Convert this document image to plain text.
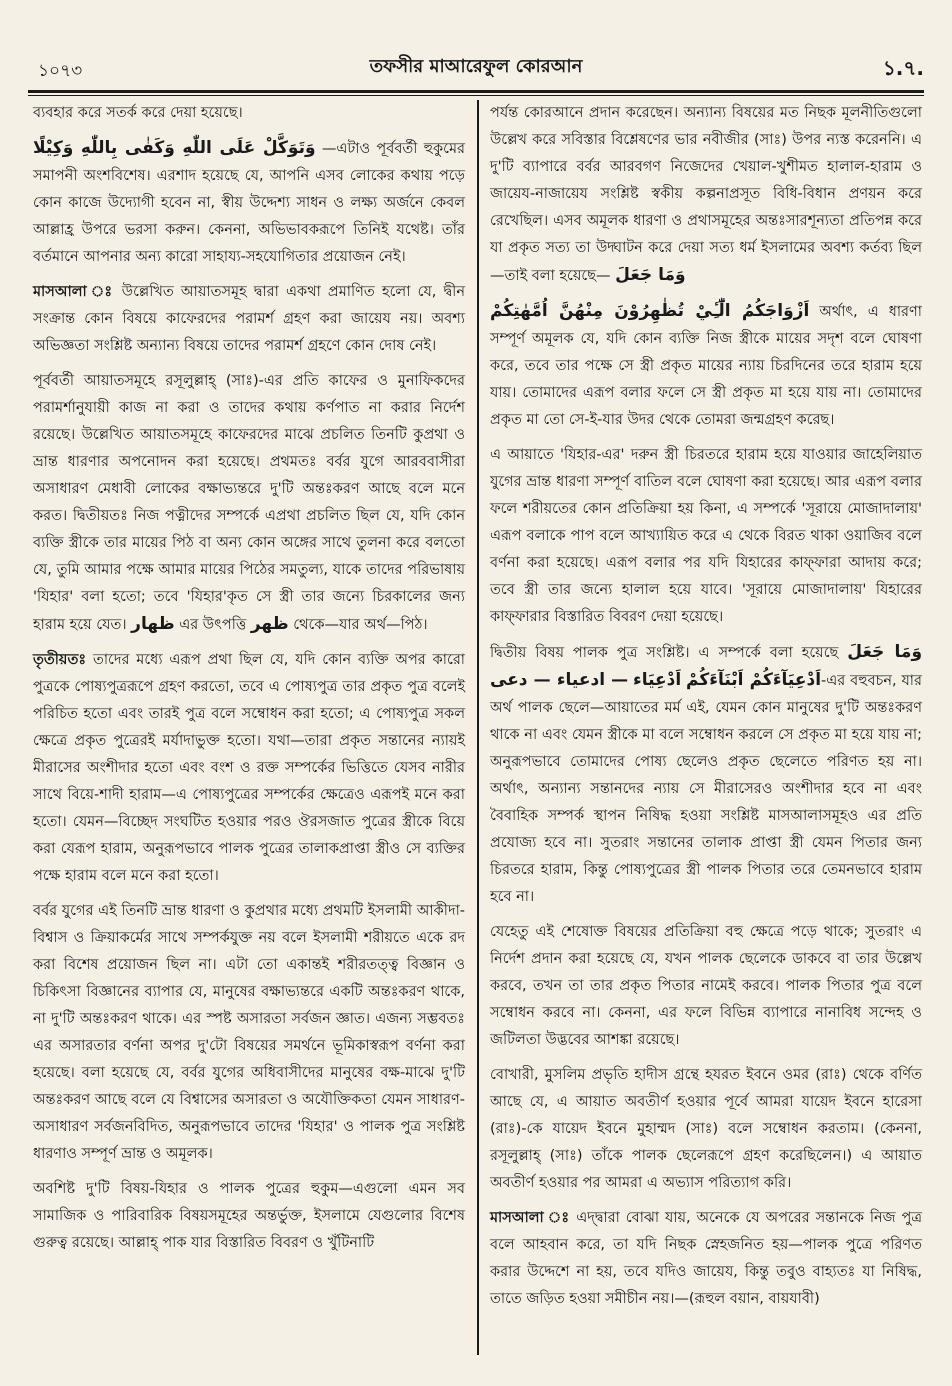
১০৭৩	তফসীর মাআরেফুল কোরআন	১.৭.

ব্যবহার করে সতর্ক করে দেয়া হয়েছে।

وَتَوَكَّلْ عَلَى اللّٰهِ وَكَفٰى بِاللّٰهِ وَكِيْلًا —এটাও পূর্ববর্তী হুকুমের সমাপনী অংশবিশেষ। এরশাদ হয়েছে যে, আপনি এসব লোকের কথায় পড়ে কোন কাজে উদ্যোগী হবেন না, স্বীয় উদ্দেশ্য সাধন ও লক্ষ্য অর্জনে কেবল আল্লাহ্র উপরে ভরসা করুন। কেননা, অভিভাবকরূপে তিনিই যথেষ্ট। তাঁর বর্তমানে আপনার অন্য কারো সাহায্য-সহযোগিতার প্রয়োজন নেই।

মাসআলা ঃ উল্লেখিত আয়াতসমূহ দ্বারা একথা প্রমাণিত হলো যে, দ্বীন সংক্রান্ত কোন বিষয়ে কাফেরদের পরামর্শ গ্রহণ করা জায়েয নয়। অবশ্য অভিজ্ঞতা সংশ্লিষ্ট অন্যান্য বিষয়ে তাদের পরামর্শ গ্রহণে কোন দোষ নেই।

পূর্ববর্তী আয়াতসমূহে রসূলুল্লাহ্ (সাঃ)-এর প্রতি কাফের ও মুনাফিকদের পরামর্শানুযায়ী কাজ না করা ও তাদের কথায় কর্ণপাত না করার নির্দেশ রয়েছে। উল্লেখিত আয়াতসমূহে কাফেরদের মাঝে প্রচলিত তিনটি কুপ্রথা ও ভ্রান্ত ধারণার অপনোদন করা হয়েছে। প্রথমতঃ বর্বর যুগে আরববাসীরা অসাধারণ মেধাবী লোকের বক্ষাভ্যন্তরে দু'টি অন্তঃকরণ আছে বলে মনে করত। দ্বিতীয়তঃ নিজ পত্নীদের সম্পর্কে এপ্রথা প্রচলিত ছিল যে, যদি কোন ব্যক্তি স্ত্রীকে তার মায়ের পিঠ বা অন্য কোন অঙ্গের সাথে তুলনা করে বলতো যে, তুমি আমার পক্ষে আমার মায়ের পিঠের সমতুল্য, যাকে তাদের পরিভাষায় 'যিহার' বলা হতো; তবে 'যিহার'কৃত সে স্ত্রী তার জন্যে চিরকালের জন্য হারাম হয়ে যেত। ظهار এর উৎপত্তি ظهر থেকে—যার অর্থ—পিঠ।

তৃতীয়তঃ তাদের মধ্যে এরূপ প্রথা ছিল যে, যদি কোন ব্যক্তি অপর কারো পুত্রকে পোষ্যপুত্ররূপে গ্রহণ করতো, তবে এ পোষ্যপুত্র তার প্রকৃত পুত্র বলেই পরিচিত হতো এবং তারই পুত্র বলে সম্বোধন করা হতো; এ পোষ্যপুত্র সকল ক্ষেত্রে প্রকৃত পুত্রেরই মর্যাদাভুক্ত হতো। যথা—তারা প্রকৃত সন্তানের ন্যায়ই মীরাসের অংশীদার হতো এবং বংশ ও রক্ত সম্পর্কের ভিত্তিতে যেসব নারীর সাথে বিয়ে-শাদী হারাম—এ পোষ্যপুত্রের সম্পর্কের ক্ষেত্রেও এরূপই মনে করা হতো। যেমন—বিচ্ছেদ সংঘটিত হওয়ার পরও ঔরসজাত পুত্রের স্ত্রীকে বিয়ে করা যেরূপ হারাম, অনুরূপভাবে পালক পুত্রের তালাকপ্রাপ্তা স্ত্রীও সে ব্যক্তির পক্ষে হারাম বলে মনে করা হতো।

বর্বর যুগের এই তিনটি ভ্রান্ত ধারণা ও কুপ্রথার মধ্যে প্রথমটি ইসলামী আকীদা-বিশ্বাস ও ক্রিয়াকর্মের সাথে সম্পর্কযুক্ত নয় বলে ইসলামী শরীয়তে একে রদ করা বিশেষ প্রয়োজন ছিল না। এটা তো একান্তই শরীরতত্ত্ব বিজ্ঞান ও চিকিৎসা বিজ্ঞানের ব্যাপার যে, মানুষের বক্ষাভ্যন্তরে একটি অন্তঃকরণ থাকে, না দু'টি অন্তঃকরণ থাকে। এর স্পষ্ট অসারতা সর্বজন জ্ঞাত। এজন্য সম্ভবতঃ এর অসারতার বর্ণনা অপর দু'টো বিষয়ের সমর্থনে ভূমিকাস্বরূপ বর্ণনা করা হয়েছে। বলা হয়েছে যে, বর্বর যুগের অধিবাসীদের মানুষের বক্ষ-মাঝে দু'টি অন্তঃকরণ আছে বলে যে বিশ্বাসের অসারতা ও অযৌক্তিকতা যেমন সাধারণ-অসাধারণ সর্বজনবিদিত, অনুরূপভাবে তাদের 'যিহার' ও পালক পুত্র সংশ্লিষ্ট ধারণাও সম্পূর্ণ ভ্রান্ত ও অমূলক।

অবশিষ্ট দু'টি বিষয়-যিহার ও পালক পুত্রের হুকুম—এগুলো এমন সব সামাজিক ও পারিবারিক বিষয়সমূহের অন্তর্ভুক্ত, ইসলামে যেগুলোর বিশেষ গুরুত্ব রয়েছে। আল্লাহ্ পাক যার বিস্তারিত বিবরণ ও খুঁটিনাটি

পর্যন্ত কোরআনে প্রদান করেছেন। অন্যান্য বিষয়ের মত নিছক মূলনীতিগুলো উল্লেখ করে সবিস্তার বিশ্লেষণের ভার নবীজীর (সাঃ) উপর ন্যস্ত করেননি। এ দু'টি ব্যাপারে বর্বর আরবগণ নিজেদের খেয়াল-খুশীমত হালাল-হারাম ও জায়েয-নাজায়েয সংশ্লিষ্ট স্বকীয় কল্পনাপ্রসূত বিধি-বিধান প্রণয়ন করে রেখেছিল। এসব অমূলক ধারণা ও প্রথাসমূহের অন্তঃসারশূন্যতা প্রতিপন্ন করে যা প্রকৃত সত্য তা উদ্ঘাটন করে দেয়া সত্য ধর্ম ইসলামের অবশ্য কর্তব্য ছিল—তাই বলা হয়েছে— وَمَا جَعَلَ

اَزْوَاجَكُمُ الّٰٓـِٔيْ تُظٰهِرُوْنَ مِنْهُنَّ اُمَّهٰتِكُمْ অর্থাৎ, এ ধারণা সম্পূর্ণ অমূলক যে, যদি কোন ব্যক্তি নিজ স্ত্রীকে মায়ের সদৃশ বলে ঘোষণা করে, তবে তার পক্ষে সে স্ত্রী প্রকৃত মায়ের ন্যায় চিরদিনের তরে হারাম হয়ে যায়। তোমাদের এরূপ বলার ফলে সে স্ত্রী প্রকৃত মা হয়ে যায় না। তোমাদের প্রকৃত মা তো সে-ই-যার উদর থেকে তোমরা জন্মগ্রহণ করেছ।

এ আয়াতে 'যিহার-এর' দরুন স্ত্রী চিরতরে হারাম হয়ে যাওয়ার জাহেলিয়াত যুগের ভ্রান্ত ধারণা সম্পূর্ণ বাতিল বলে ঘোষণা করা হয়েছে। আর এরূপ বলার ফলে শরীয়তের কোন প্রতিক্রিয়া হয় কিনা, এ সম্পর্কে 'সূরায়ে মোজাদালায়' এরূপ বলাকে পাপ বলে আখ্যায়িত করে এ থেকে বিরত থাকা ওয়াজিব বলে বর্ণনা করা হয়েছে। এরূপ বলার পর যদি যিহারের কাফ্ফারা আদায় করে; তবে স্ত্রী তার জন্যে হালাল হয়ে যাবে। 'সূরায়ে মোজাদালায়' যিহারের কাফ্ফারার বিস্তারিত বিবরণ দেয়া হয়েছে।

দ্বিতীয় বিষয় পালক পুত্র সংশ্লিষ্ট। এ সম্পর্কে বলা হয়েছে وَمَا جَعَلَ اَدْعِيَآءَكُمْ اَبْنَآءَكُمْ اَدْعِيَاء — ادعياء — دعى	-এর বহুবচন, যার অর্থ পালক ছেলে—আয়াতের মর্ম এই, যেমন কোন মানুষের দু'টি অন্তঃকরণ থাকে না এবং যেমন স্ত্রীকে মা বলে সম্বোধন করলে সে প্রকৃত মা হয়ে যায় না; অনুরূপভাবে তোমাদের পোষ্য ছেলেও প্রকৃত ছেলেতে পরিণত হয় না। অর্থাৎ, অন্যান্য সন্তানদের ন্যায় সে মীরাসেরও অংশীদার হবে না এবং বৈবাহিক সম্পর্ক স্থাপন নিষিদ্ধ হওয়া সংশ্লিষ্ট মাসআলাসমূহও এর প্রতি প্রযোজ্য হবে না। সুতরাং সন্তানের তালাক প্রাপ্তা স্ত্রী যেমন পিতার জন্য চিরতরে হারাম, কিন্তু পোষ্যপুত্রের স্ত্রী পালক পিতার তরে তেমনভাবে হারাম হবে না।

যেহেতু এই শেষোক্ত বিষয়ের প্রতিক্রিয়া বহু ক্ষেত্রে পড়ে থাকে; সুতরাং এ নির্দেশ প্রদান করা হয়েছে যে, যখন পালক ছেলেকে ডাকবে বা তার উল্লেখ করবে, তখন তা তার প্রকৃত পিতার নামেই করবে। পালক পিতার পুত্র বলে সম্বোধন করবে না। কেননা, এর ফলে বিভিন্ন ব্যাপারে নানাবিধ সন্দেহ ও জটিলতা উদ্ভবের আশঙ্কা রয়েছে।

বোখারী, মুসলিম প্রভৃতি হাদীস গ্রন্থে হযরত ইবনে ওমর (রাঃ) থেকে বর্ণিত আছে যে, এ আয়াত অবতীর্ণ হওয়ার পূর্বে আমরা যায়েদ ইবনে হারেসা (রাঃ)-কে যায়েদ ইবনে মুহাম্মদ (সাঃ) বলে সম্বোধন করতাম। (কেননা, রসূলুল্লাহ্ (সাঃ) তাঁকে পালক ছেলেরূপে গ্রহণ করেছিলেন।) এ আয়াত অবতীর্ণ হওয়ার পর আমরা এ অভ্যাস পরিত্যাগ করি।

মাসআলা ঃ এদ্দ্বারা বোঝা যায়, অনেকে যে অপরের সন্তানকে নিজ পুত্র বলে আহবান করে, তা যদি নিছক স্নেহজনিত হয়—পালক পুত্রে পরিণত করার উদ্দেশে না হয়, তবে যদিও জায়েয, কিন্তু তবুও বাহ্যতঃ যা নিষিদ্ধ, তাতে জড়িত হওয়া সমীচীন নয়।—(রূহুল বয়ান, বায়যাবী)
